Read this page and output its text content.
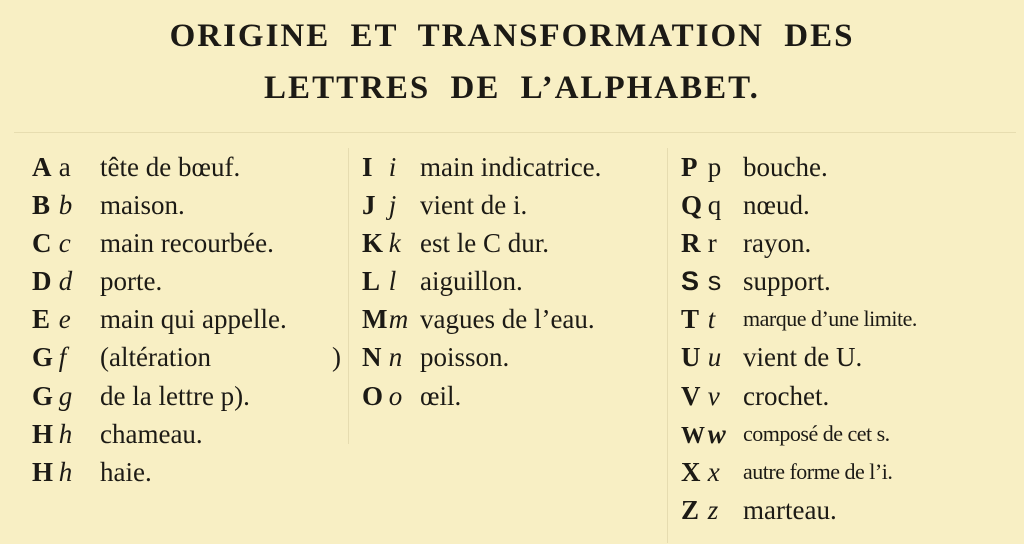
ORIGINE ET TRANSFORMATION DES
LETTRES DE L’ALPHABET.
A a tête de bœuf.
B b maison.
C c main recourbée.
D d porte.
E e main qui appelle.
G f (altération	)
G g de la lettre p).
H h chameau.
H h haie.
I i main indicatrice.
J j vient de i.
K k est le C dur.
L l aiguillon.
M m vagues de l’eau.
N n poisson.
O o œil.
P p bouche.
Q q nœud.
R r rayon.
S s support.
T t marque d’une limite.
U u vient de U.
V v crochet.
W w composé de cet s.
X x autre forme de l’i.
Z z marteau.
